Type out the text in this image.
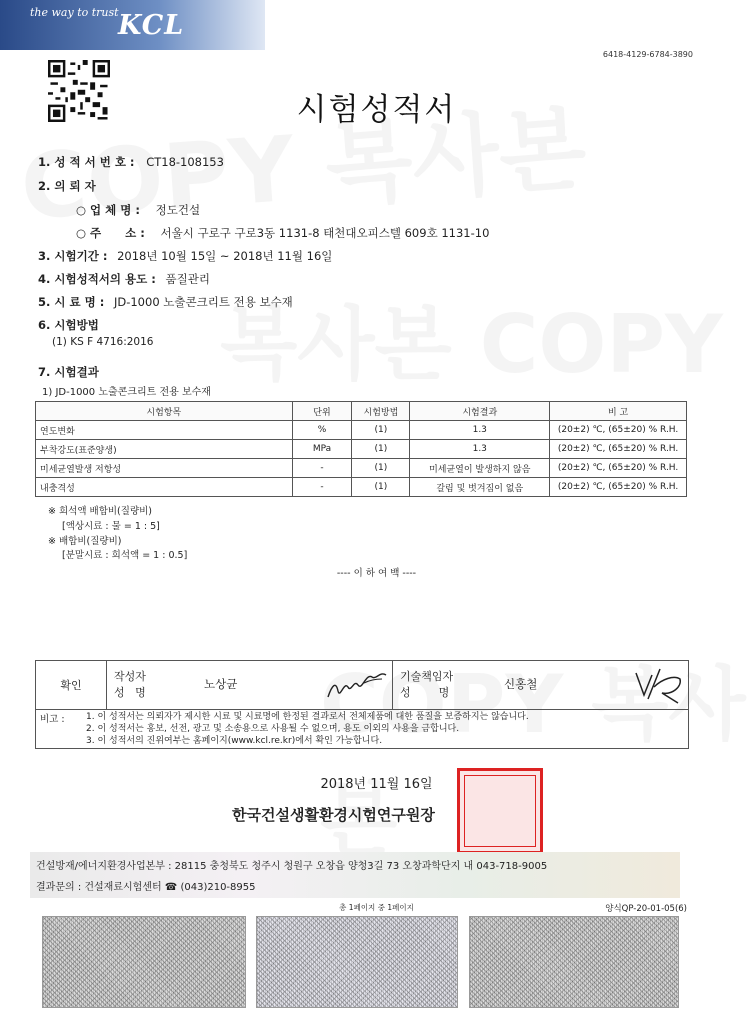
the way to trust KCL
6418-4129-6784-3890
시험성적서
1. 성 적 서 번 호 : CT18-108153
2. 의 뢰 자
○ 업 체 명 : 정도건설
○ 주      소 : 서울시 구로구 구로3동 1131-8 태천대오피스텔 609호 1131-10
3. 시험기간 : 2018년 10월 15일 ~ 2018년 11월 16일
4. 시험성적서의 용도 : 품질관리
5. 시 료 명 : JD-1000 노출콘크리트 전용 보수재
6. 시험방법
(1) KS F 4716:2016
7. 시험결과
1) JD-1000 노출콘크리트 전용 보수재
시험항목	단위	시험방법	시험결과	비 고
연도변화	%	(1)	1.3	(20±2) ℃, (65±20) % R.H.
부착강도(표준양생)	MPa	(1)	1.3	(20±2) ℃, (65±20) % R.H.
미세균열발생 저항성	-	(1)	미세균열이 발생하지 않음	(20±2) ℃, (65±20) % R.H.
내충격성	-	(1)	갈림 및 벗겨짐이 없음	(20±2) ℃, (65±20) % R.H.
※ 희석액 배합비(질량비)
[액상시료 : 물 = 1 : 5]
※ 배합비(질량비)
[분말시료 : 희석액 = 1 : 0.5]
---- 이 하 여 백 ----
확인
작성자
성   명
노상균
기술책임자
성        명
신홍철
비고 : 1. 이 성적서는 의뢰자가 제시한 시료 및 시료명에 한정된 결과로서 전체제품에 대한 품질을 보증하지는 않습니다.
2. 이 성적서는 홍보, 선전, 광고 및 소송용으로 사용될 수 없으며, 용도 이외의 사용을 금합니다.
3. 이 성적서의 진위여부는 홈페이지(www.kcl.re.kr)에서 확인 가능합니다.
2018년 11월 16일
한국건설생활환경시험연구원장
건설방재/에너지환경사업본부 : 28115 충청북도 청주시 청원구 오창읍 양청3길 73 오창과학단지 내 043-718-9005
결과문의 : 건설재료시험센터 ☎ (043)210-8955
총 1페이지 중 1페이지	양식QP-20-01-05(6)
